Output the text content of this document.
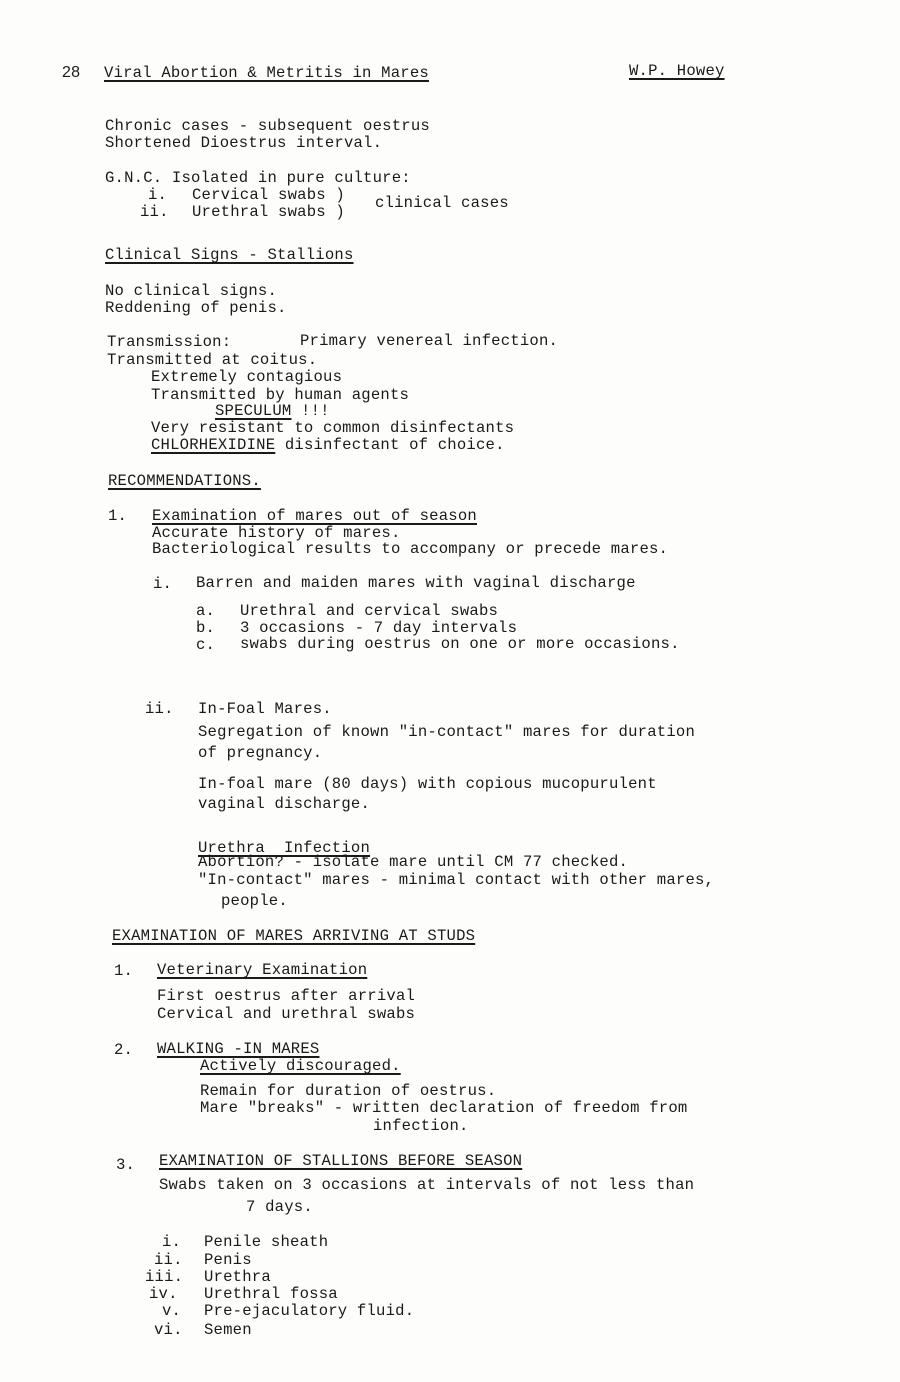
28 Viral Abortion & Metritis in Mares	W.P. Howey
Chronic cases - subsequent oestrus
Shortened Dioestrus interval.
G.N.C. Isolated in pure culture:
i. Cervical swabs )
ii. Urethral swabs ) clinical cases
Clinical Signs - Stallions
No clinical signs.
Reddening of penis.
Transmission:	Primary venereal infection.
Transmitted at coitus.
Extremely contagious
Transmitted by human agents
SPECULUM !!!
Very resistant to common disinfectants
CHLORHEXIDINE disinfectant of choice.
RECOMMENDATIONS.
1. Examination of mares out of season
Accurate history of mares.
Bacteriological results to accompany or precede mares.
i. Barren and maiden mares with vaginal discharge
a. Urethral and cervical swabs
b. 3 occasions - 7 day intervals
c. swabs during oestrus on one or more occasions.
ii. In-Foal Mares.
Segregation of known "in-contact" mares for duration
of pregnancy.
In-foal mare (80 days) with copious mucopurulent
vaginal discharge.
Urethra  Infection
Abortion? - isolate mare until CM 77 checked.
"In-contact" mares - minimal contact with other mares,
people.
EXAMINATION OF MARES ARRIVING AT STUDS
1. Veterinary Examination
First oestrus after arrival
Cervical and urethral swabs
2. WALKING -IN MARES
Actively discouraged.
Remain for duration of oestrus.
Mare "breaks" - written declaration of freedom from
infection.
3. EXAMINATION OF STALLIONS BEFORE SEASON
Swabs taken on 3 occasions at intervals of not less than
7 days.
i. Penile sheath
ii. Penis
iii. Urethra
iv. Urethral fossa
v. Pre-ejaculatory fluid.
vi. Semen
